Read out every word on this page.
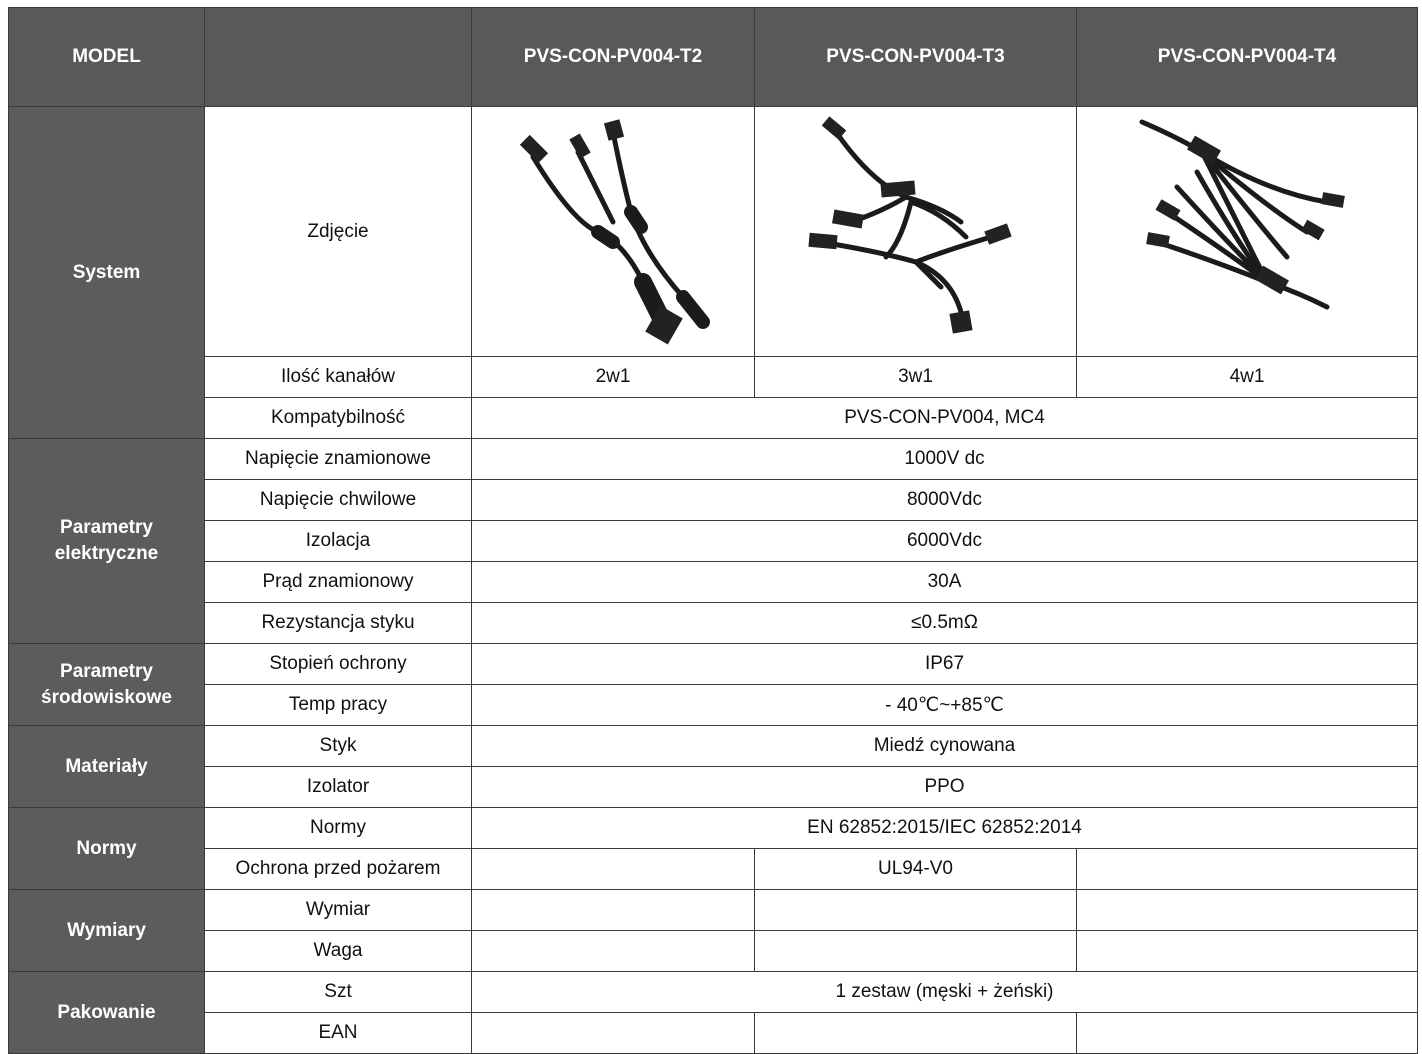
MODEL		PVS-CON-PV004-T2	PVS-CON-PV004-T3	PVS-CON-PV004-T4
System	Zdjęcie	

	Ilość kanałów	2w1	3w1	4w1
	Kompatybilność	PVS-CON-PV004, MC4		
Parametry elektryczne	Napięcie znamionowe	1000V dc		
	Napięcie chwilowe	8000Vdc		
	Izolacja	6000Vdc		
	Prąd znamionowy	30A		
	Rezystancja styku	≤0.5mΩ		
Parametry środowiskowe	Stopień ochrony	IP67		
	Temp pracy	- 40℃~+85℃		
Materiały	Styk	Miedź cynowana		
	Izolator	PPO		
Normy	Normy	EN 62852:2015/IEC 62852:2014		
	Ochrona przed pożarem		UL94-V0	
Wymiary	Wymiar			
	Waga			
Pakowanie	Szt	1 zestaw (męski + żeński)		
	EAN			
